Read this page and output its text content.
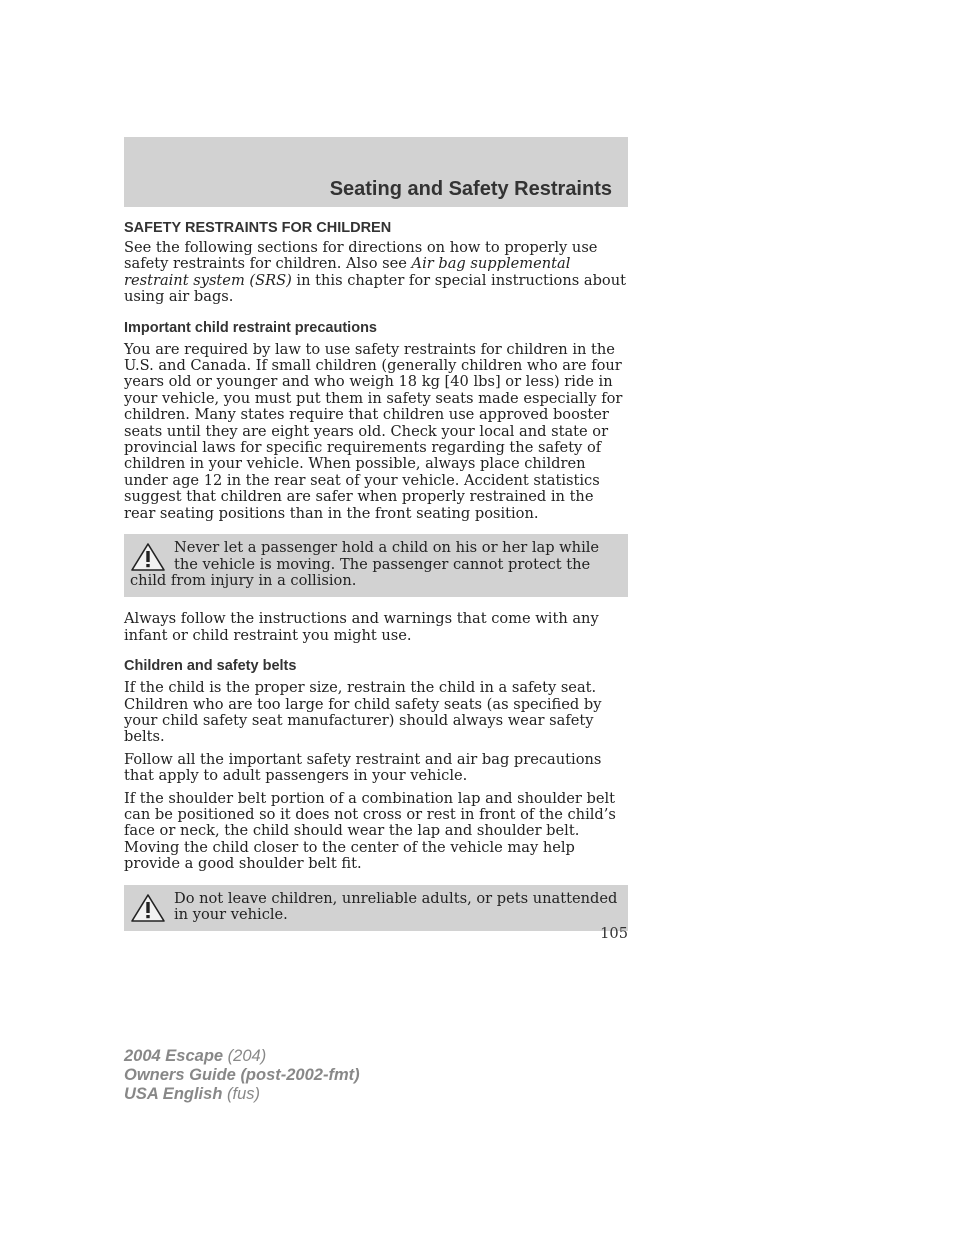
Seating and Safety Restraints
SAFETY RESTRAINTS FOR CHILDREN

See the following sections for directions on how to properly use safety restraints for children. Also see Air bag supplemental restraint system (SRS) in this chapter for special instructions about using air bags.

Important child restraint precautions

You are required by law to use safety restraints for children in the U.S. and Canada. If small children (generally children who are four years old or younger and who weigh 18 kg [40 lbs] or less) ride in your vehicle, you must put them in safety seats made especially for children. Many states require that children use approved booster seats until they are eight years old. Check your local and state or provincial laws for specific requirements regarding the safety of children in your vehicle. When possible, always place children under age 12 in the rear seat of your vehicle. Accident statistics suggest that children are safer when properly restrained in the rear seating positions than in the front seating position.

Never let a passenger hold a child on his or her lap while the vehicle is moving. The passenger cannot protect the child from injury in a collision.

Always follow the instructions and warnings that come with any infant or child restraint you might use.

Children and safety belts

If the child is the proper size, restrain the child in a safety seat. Children who are too large for child safety seats (as specified by your child safety seat manufacturer) should always wear safety belts.

Follow all the important safety restraint and air bag precautions that apply to adult passengers in your vehicle.

If the shoulder belt portion of a combination lap and shoulder belt can be positioned so it does not cross or rest in front of the child’s face or neck, the child should wear the lap and shoulder belt. Moving the child closer to the center of the vehicle may help provide a good shoulder belt fit.

Do not leave children, unreliable adults, or pets unattended in your vehicle.

105
2004 Escape (204)
Owners Guide (post-2002-fmt)
USA English (fus)
